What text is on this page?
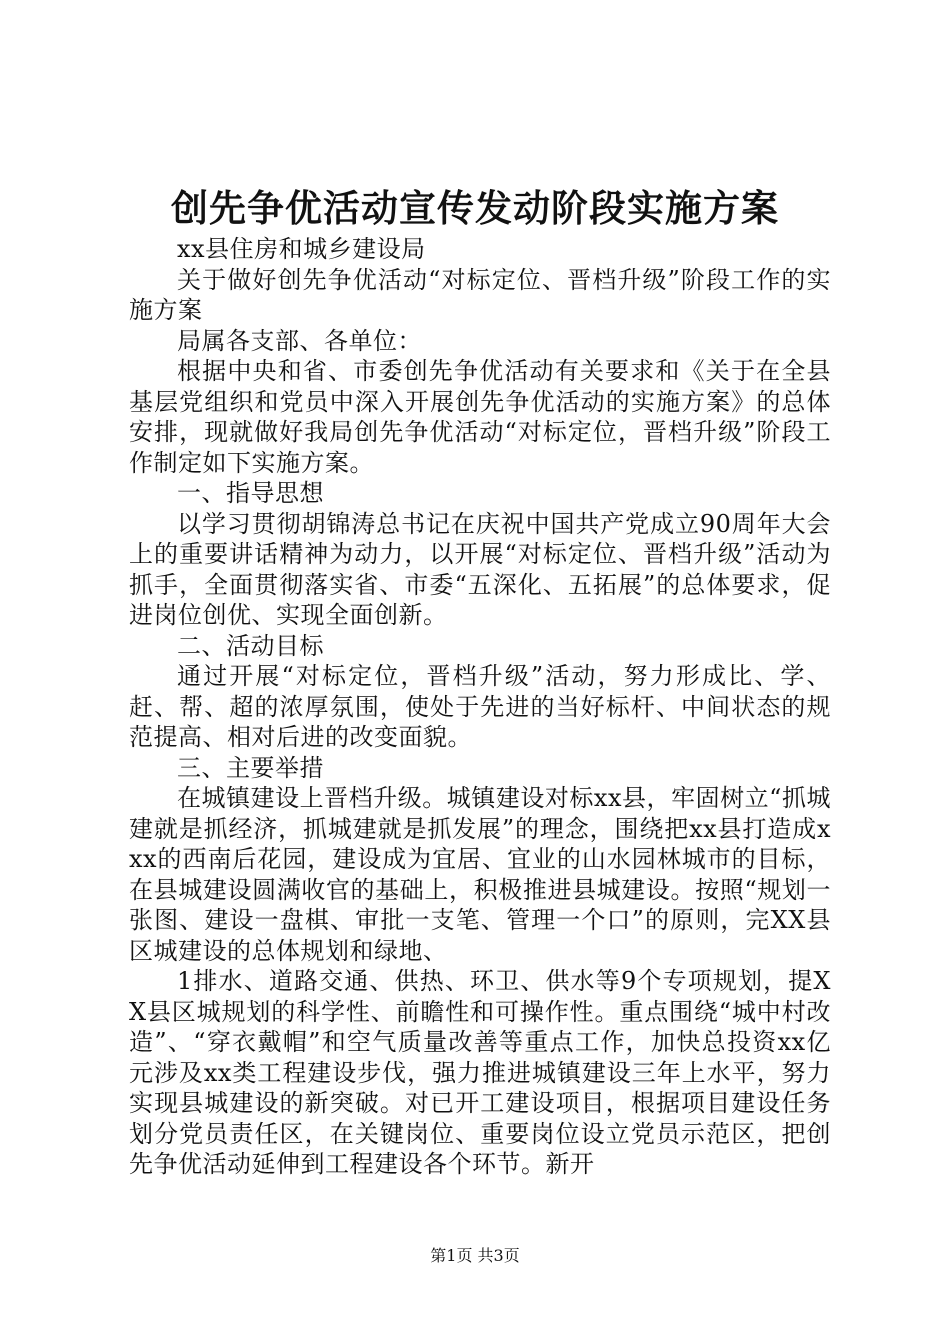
创先争优活动宣传发动阶段实施方案

xx县住房和城乡建设局

关于做好创先争优活动“对标定位、晋档升级”阶段工作的实施方案

局属各支部、各单位：

根据中央和省、市委创先争优活动有关要求和《关于在全县基层党组织和党员中深入开展创先争优活动的实施方案》的总体安排，现就做好我局创先争优活动“对标定位，晋档升级”阶段工作制定如下实施方案。

一、指导思想

以学习贯彻胡锦涛总书记在庆祝中国共产党成立90周年大会上的重要讲话精神为动力，以开展“对标定位、晋档升级”活动为抓手，全面贯彻落实省、市委“五深化、五拓展”的总体要求，促进岗位创优、实现全面创新。

二、活动目标

通过开展“对标定位，晋档升级”活动，努力形成比、学、赶、帮、超的浓厚氛围，使处于先进的当好标杆、中间状态的规范提高、相对后进的改变面貌。

三、主要举措

在城镇建设上晋档升级。城镇建设对标xx县，牢固树立“抓城建就是抓经济，抓城建就是抓发展”的理念，围绕把xx县打造成xxx的西南后花园，建设成为宜居、宜业的山水园林城市的目标，在县城建设圆满收官的基础上，积极推进县城建设。按照“规划一张图、建设一盘棋、审批一支笔、管理一个口”的原则，完XX县区城建设的总体规划和绿地、

1排水、道路交通、供热、环卫、供水等9个专项规划，提XX县区城规划的科学性、前瞻性和可操作性。重点围绕“城中村改造”、“穿衣戴帽”和空气质量改善等重点工作，加快总投资xx亿元涉及xx类工程建设步伐，强力推进城镇建设三年上水平，努力实现县城建设的新突破。对已开工建设项目，根据项目建设任务划分党员责任区，在关键岗位、重要岗位设立党员示范区，把创先争优活动延伸到工程建设各个环节。新开

第1页 共3页
